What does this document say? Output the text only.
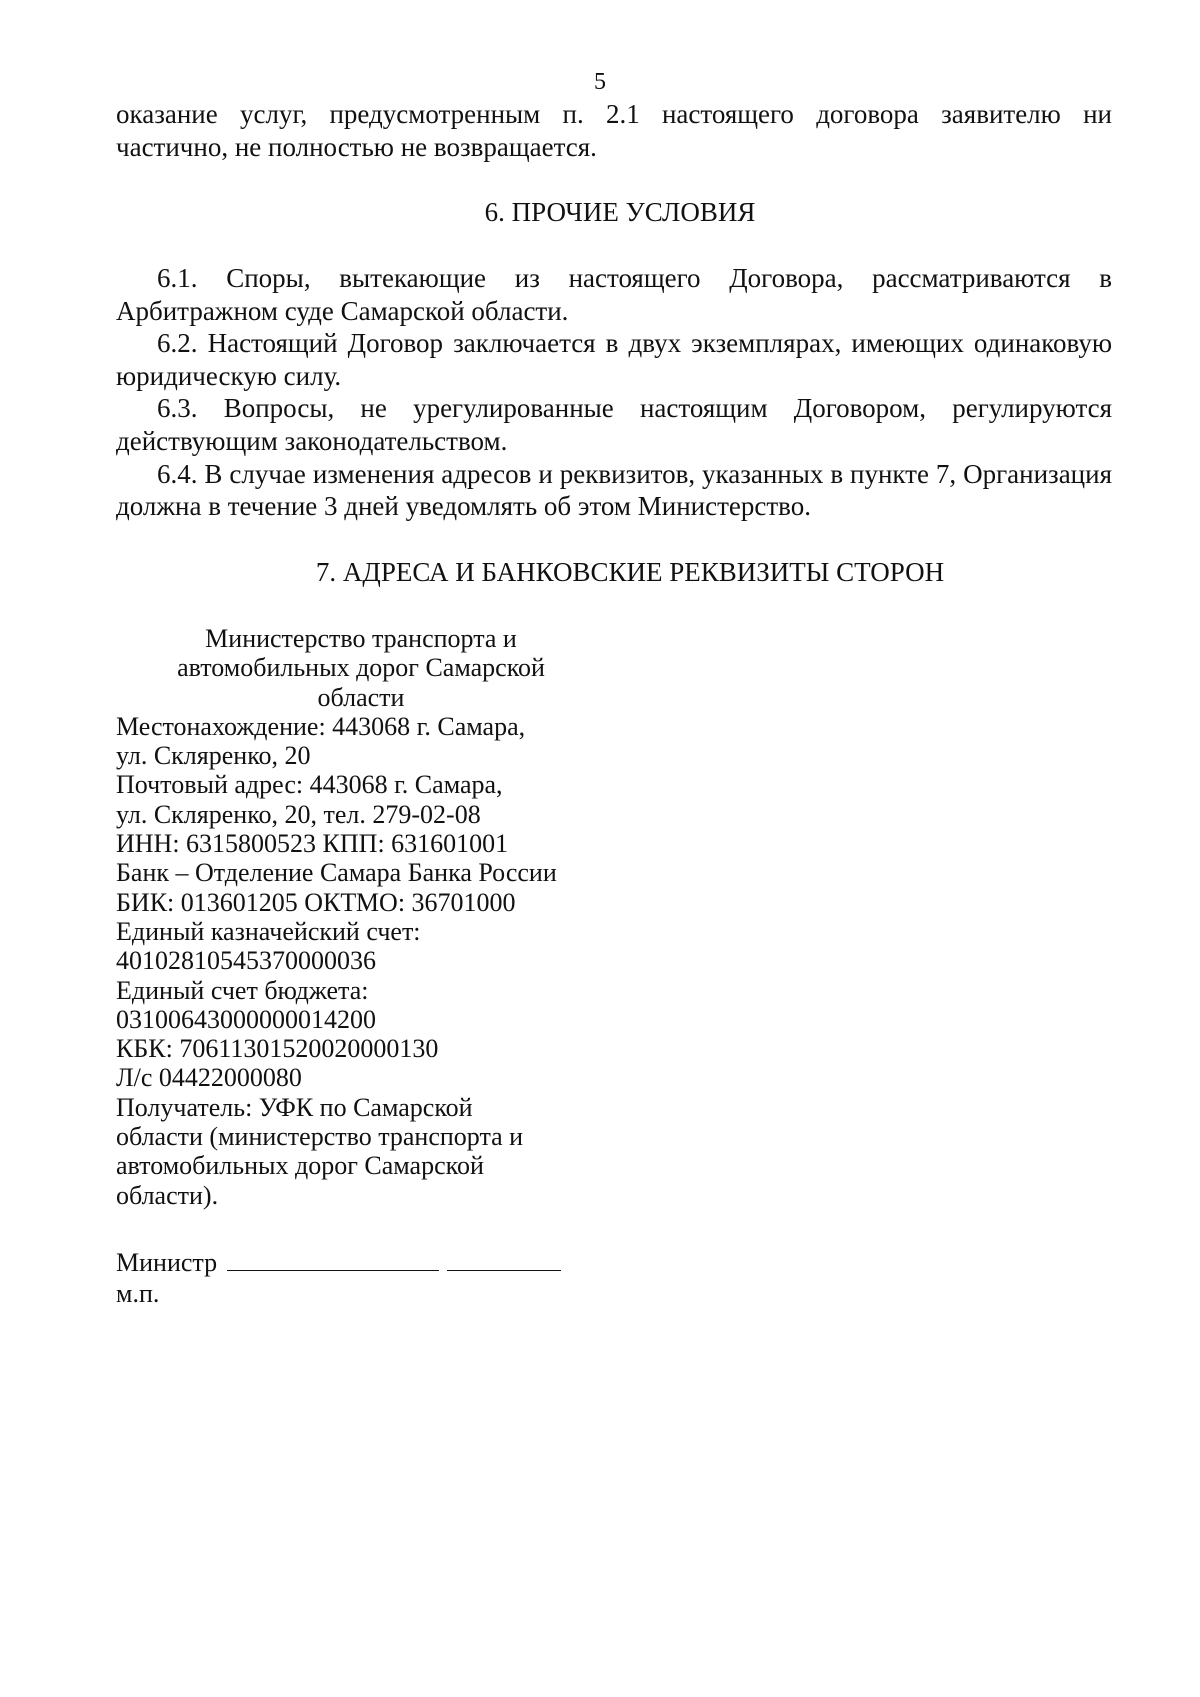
5

оказание услуг, предусмотренным п. 2.1 настоящего договора заявителю ни

частично, не полностью не возвращается.

6. ПРОЧИЕ УСЛОВИЯ

6.1. Споры, вытекающие из настоящего Договора, рассматриваются в Арбитражном суде Самарской области.

6.2. Настоящий Договор заключается в двух экземплярах, имеющих одинаковую юридическую силу.

6.3. Вопросы, не урегулированные настоящим Договором, регулируются действующим законодательством.

6.4. В случае изменения адресов и реквизитов, указанных в пункте 7, Организация должна в течение 3 дней уведомлять об этом Министерство.

7. АДРЕСА И БАНКОВСКИЕ РЕКВИЗИТЫ СТОРОН
Министерство транспорта и
автомобильных дорог Самарской
области
Местонахождение: 443068 г. Самара,
ул. Скляренко, 20
Почтовый адрес: 443068 г. Самара,
ул. Скляренко, 20, тел. 279-02-08
ИНН: 6315800523 КПП: 631601001
Банк – Отделение Самара Банка России
БИК: 013601205 ОКТМО: 36701000
Единый казначейский счет:
40102810545370000036
Единый счет бюджета:
03100643000000014200
КБК: 70611301520020000130
Л/с 04422000080
Получатель: УФК по Самарской
области (министерство транспорта и
автомобильных дорог Самарской
области).
Министр
м.п.
